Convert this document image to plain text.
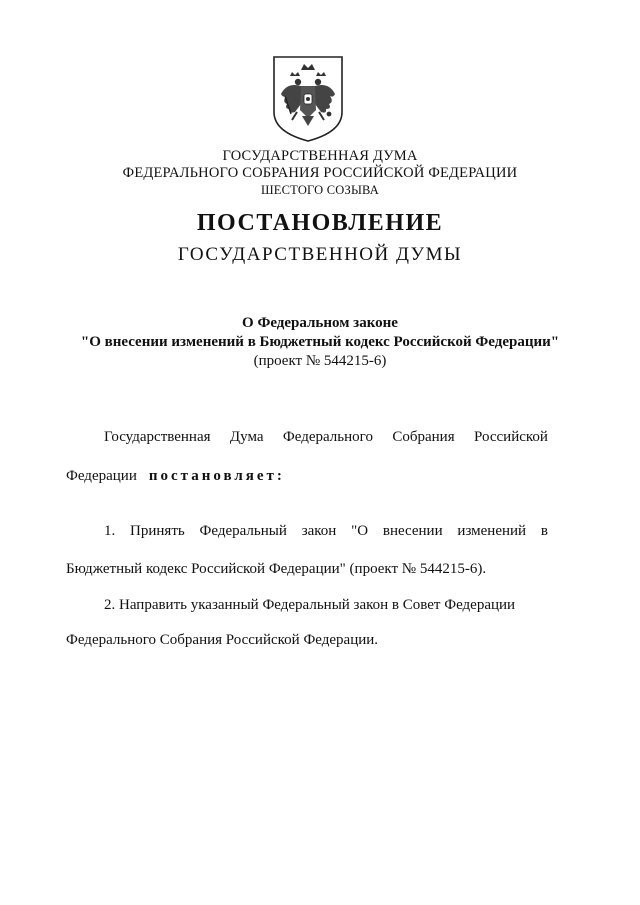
ГОСУДАРСТВЕННАЯ ДУМА
ФЕДЕРАЛЬНОГО СОБРАНИЯ РОССИЙСКОЙ ФЕДЕРАЦИИ
ШЕСТОГО СОЗЫВА
ПОСТАНОВЛЕНИЕ
ГОСУДАРСТВЕННОЙ ДУМЫ
О Федеральном законе
"О внесении изменений в Бюджетный кодекс Российской Федерации"
(проект № 544215-6)
Государственная Дума Федерального Собрания Российской
Федерации постановляет:
1. Принять Федеральный закон "О внесении изменений в
Бюджетный кодекс Российской Федерации" (проект № 544215-6).
2. Направить указанный Федеральный закон в Совет Федерации
Федерального Собрания Российской Федерации.
